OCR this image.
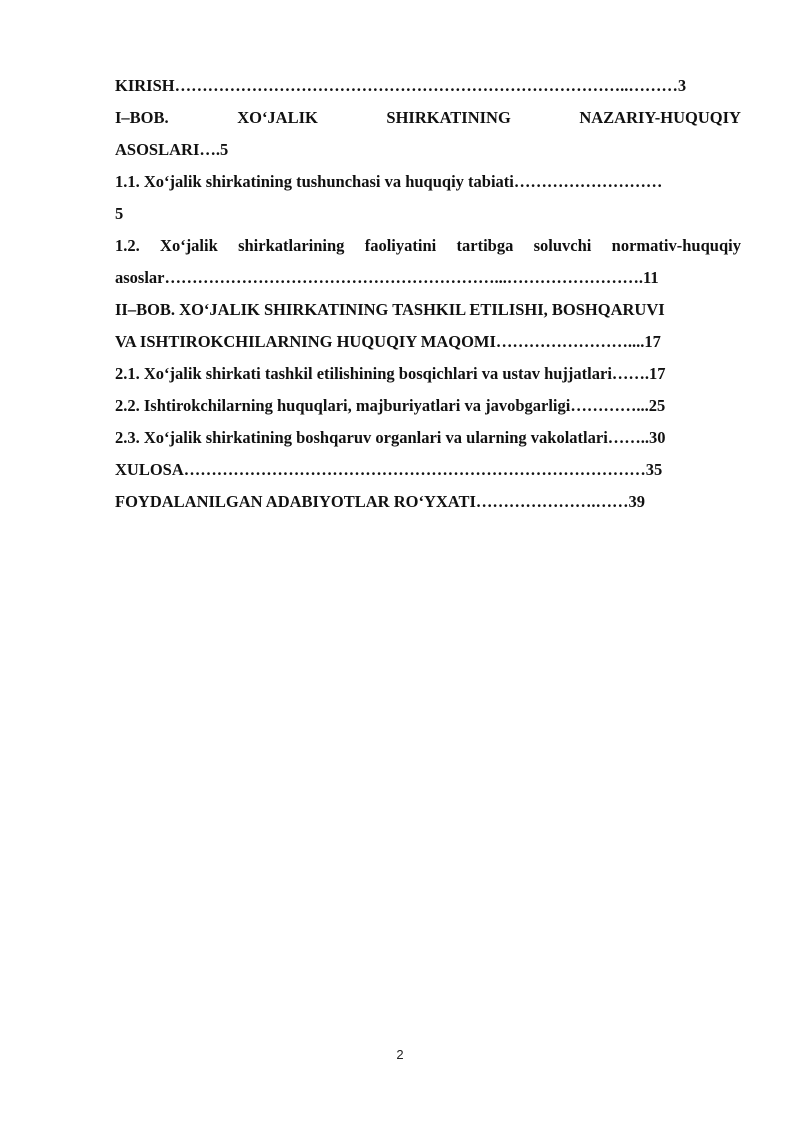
KIRISH………………………………………………………………………..………3
I–BOB.	XO‘JALIK	SHIRKATINING	NAZARIY-HUQUQIY
ASOSLARI….5
1.1. Xo‘jalik shirkatining tushunchasi va huquqiy tabiati………………………
5
1.2. Xo‘jalik shirkatlarining faoliyatini tartibga soluvchi normativ-huquqiy
asoslar……………………………………………………...…………………….11
II–BOB. XO‘JALIK SHIRKATINING TASHKIL ETILISHI, BOSHQARUVI
VA ISHTIROKCHILARNING HUQUQIY MAQOMI……………………....17
2.1. Xo‘jalik shirkati tashkil etilishining bosqichlari va ustav hujjatlari…….17
2.2. Ishtirokchilarning huquqlari, majburiyatlari va javobgarligi…………...25
2.3. Xo‘jalik shirkatining boshqaruv organlari va ularning vakolatlari……..30
XULOSA…………………………………………………………………………35
FOYDALANILGAN ADABIYOTLAR RO‘YXATI………………….……39
2
